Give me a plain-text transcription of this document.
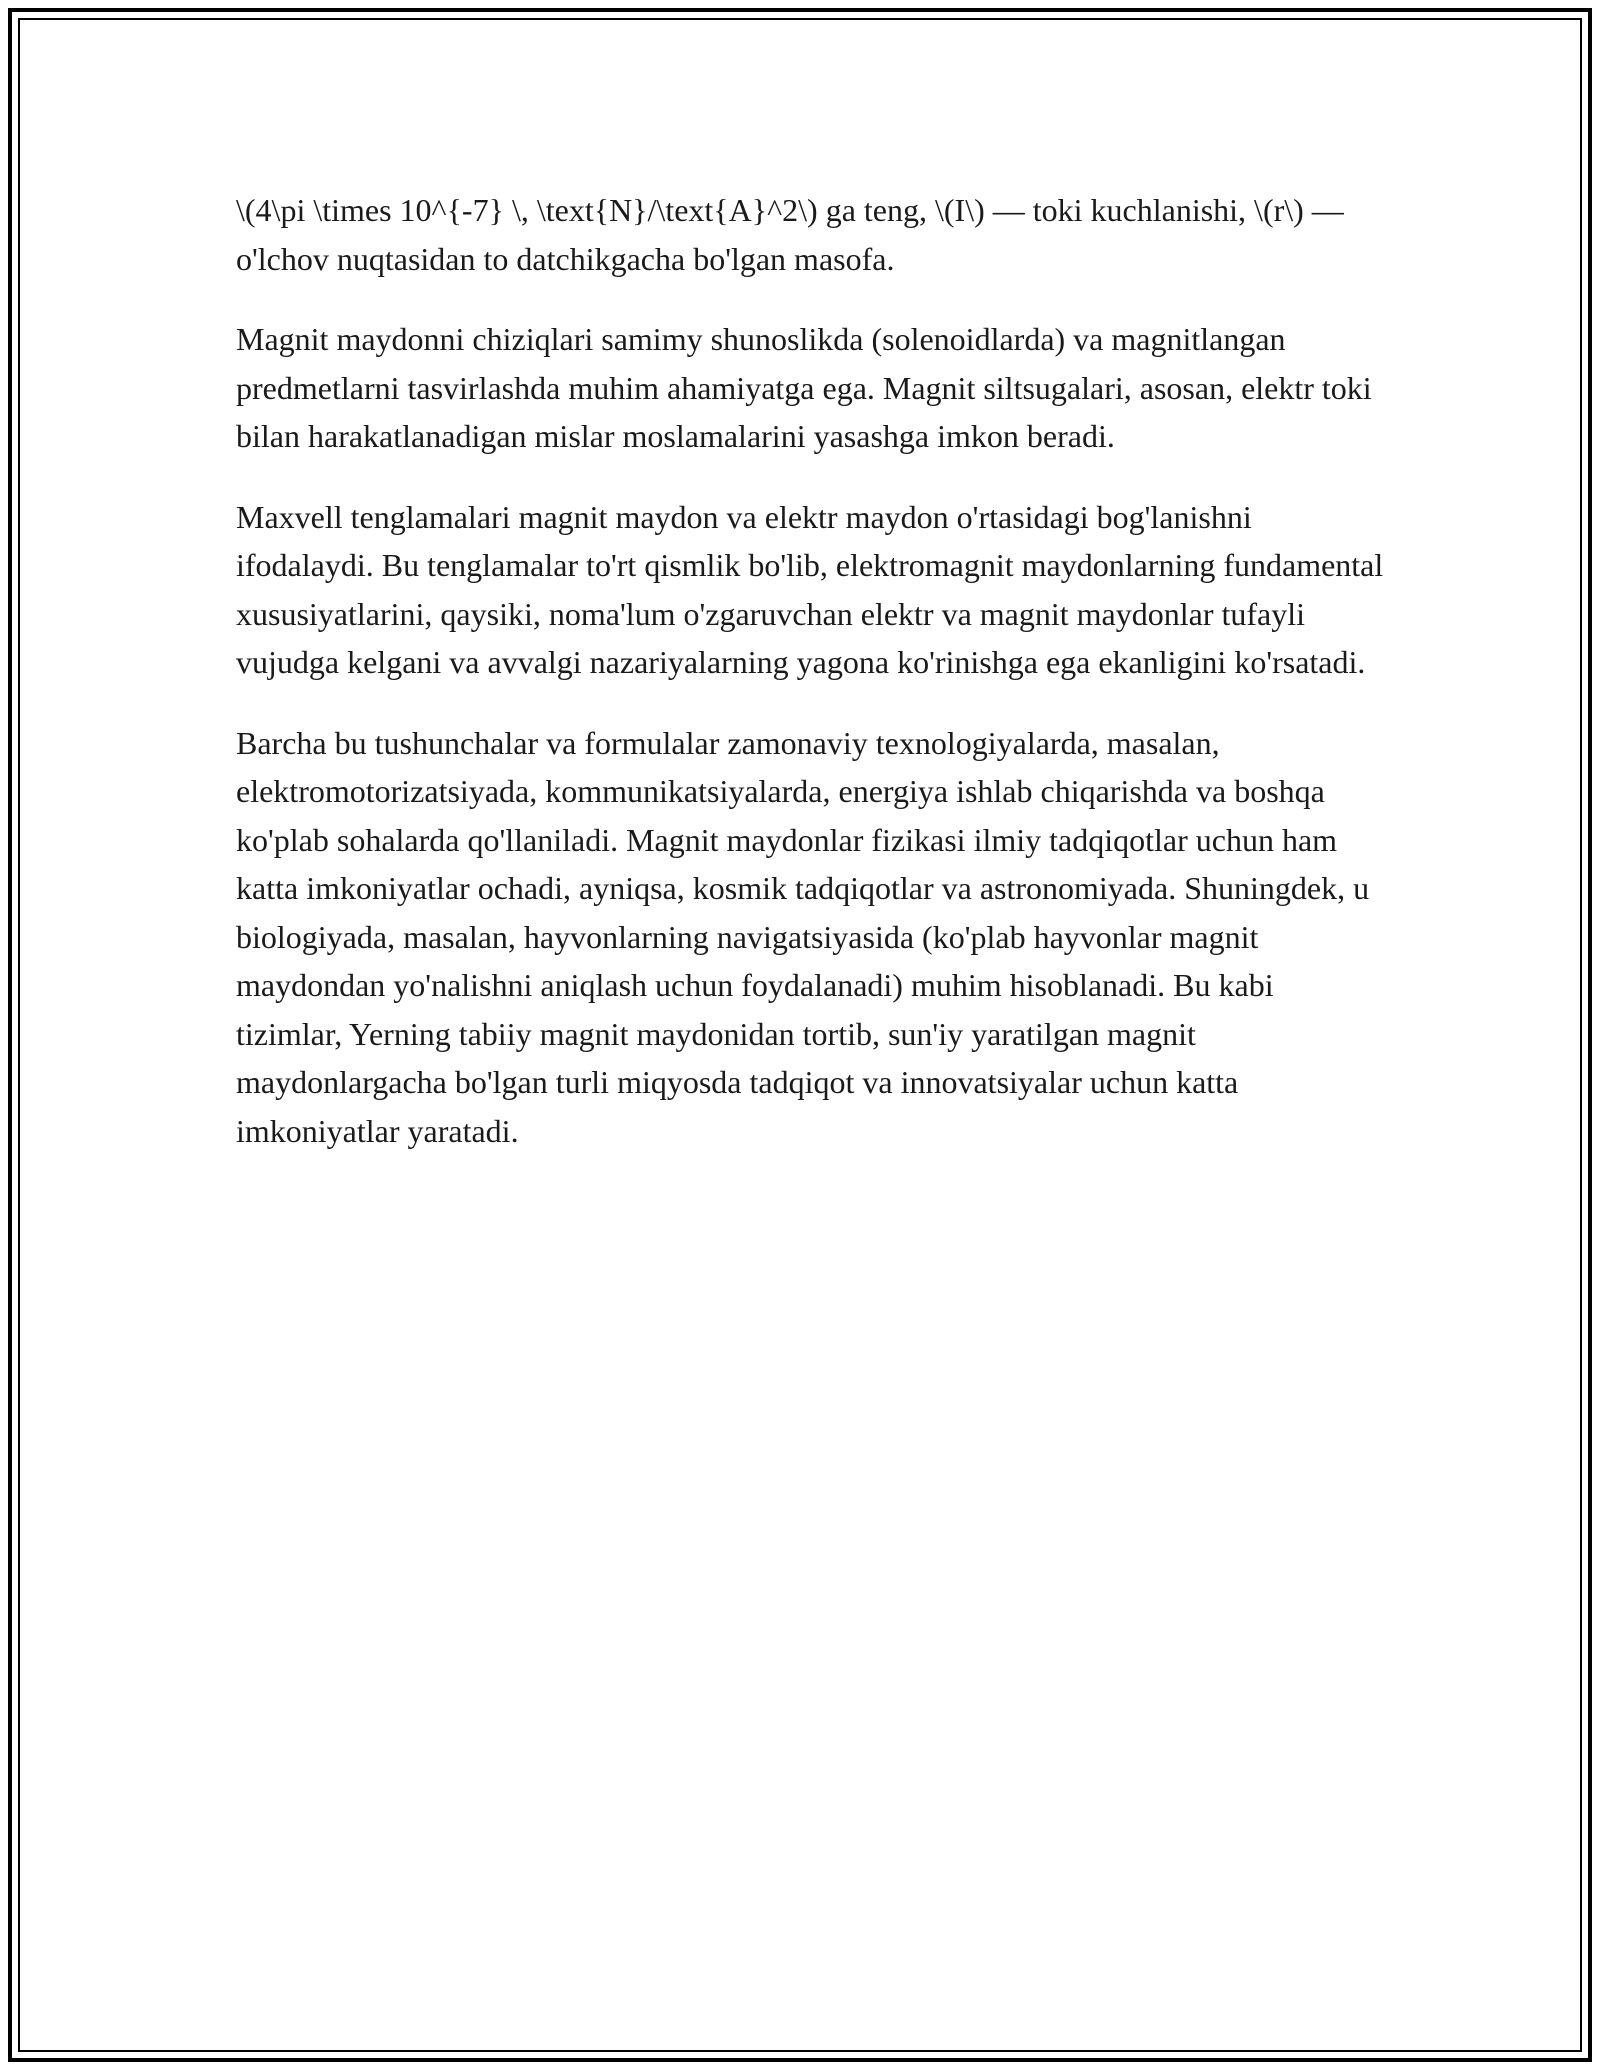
\(4\pi \times 10^{-7} \, \text{N}/\text{A}^2\) ga teng, \(I\) — toki kuchlanishi, \(r\) — o'lchov nuqtasidan to datchikgacha bo'lgan masofa.

Magnit maydonni chiziqlari samimy shunoslikda (solenoidlarda) va magnitlangan predmetlarni tasvirlashda muhim ahamiyatga ega. Magnit siltsugalari, asosan, elektr toki bilan harakatlanadigan mislar moslamalarini yasashga imkon beradi.

Maxvell tenglamalari magnit maydon va elektr maydon o'rtasidagi bog'lanishni ifodalaydi. Bu tenglamalar to'rt qismlik bo'lib, elektromagnit maydonlarning fundamental xususiyatlarini, qaysiki, noma'lum o'zgaruvchan elektr va magnit maydonlar tufayli vujudga kelgani va avvalgi nazariyalarning yagona ko'rinishga ega ekanligini ko'rsatadi.

Barcha bu tushunchalar va formulalar zamonaviy texnologiyalarda, masalan, elektromotorizatsiyada, kommunikatsiyalarda, energiya ishlab chiqarishda va boshqa ko'plab sohalarda qo'llaniladi. Magnit maydonlar fizikasi ilmiy tadqiqotlar uchun ham katta imkoniyatlar ochadi, ayniqsa, kosmik tadqiqotlar va astronomiyada. Shuningdek, u biologiyada, masalan, hayvonlarning navigatsiyasida (ko'plab hayvonlar magnit maydondan yo'nalishni aniqlash uchun foydalanadi) muhim hisoblanadi. Bu kabi tizimlar, Yerning tabiiy magnit maydonidan tortib, sun'iy yaratilgan magnit maydonlargacha bo'lgan turli miqyosda tadqiqot va innovatsiyalar uchun katta imkoniyatlar yaratadi.
